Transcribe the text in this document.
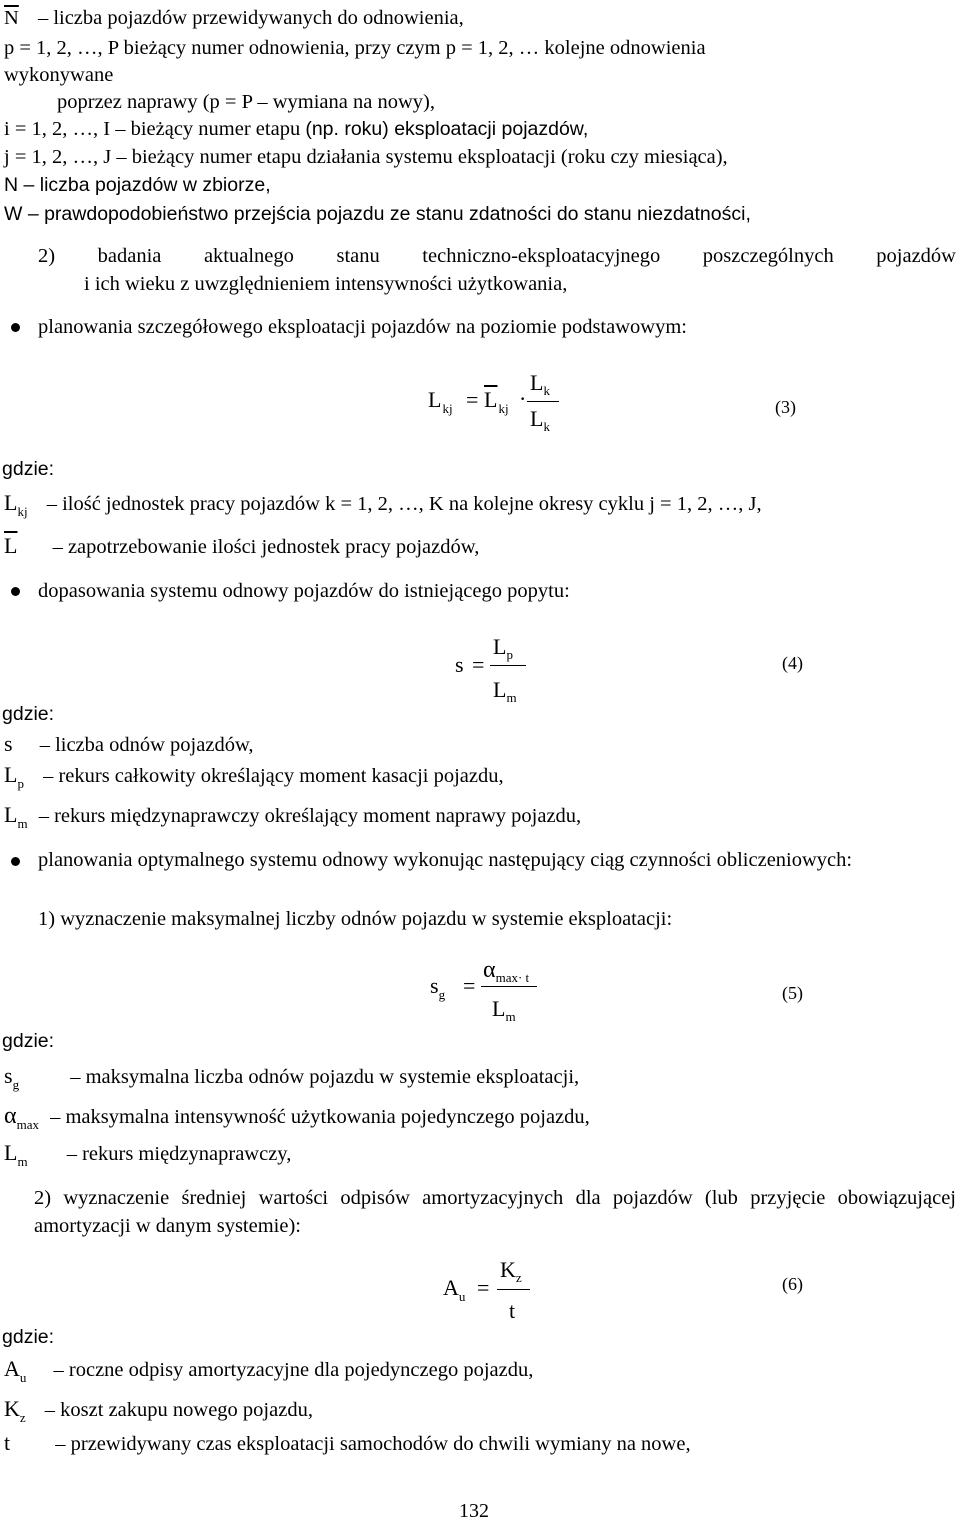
$\overline{N}$ – liczba pojazdów przewidywanych do odnowienia,
p = 1, 2, …, P bieżący numer odnowienia, przy czym p = 1, 2, … kolejne odnowienia
wykonywane
poprzez naprawy (p = P – wymiana na nowy),
i = 1, 2, …, I – bieżący numer etapu (np. roku) eksploatacji pojazdów,
j = 1, 2, …, J – bieżący numer etapu działania systemu eksploatacji (roku czy miesiąca),
N – liczba pojazdów w zbiorze,
W – prawdopodobieństwo przejścia pojazdu ze stanu zdatności do stanu niezdatności,
2) badania aktualnego stanu techniczno-eksploatacyjnego poszczególnych pojazdów
i ich wieku z uwzględnieniem intensywności użytkowania,
planowania szczegółowego eksploatacji pojazdów na poziomie podstawowym:
$L_{kj} = \overline{L}_{kj}$ ·
$L_k$
$L_k$
(3)
gdzie:
$L_{kj}$ – ilość jednostek pracy pojazdów k = 1, 2, …, K na kolejne okresy cyklu j = 1, 2, …, J,
$\overline{L}$ – zapotrzebowanie ilości jednostek pracy pojazdów,
dopasowania systemu odnowy pojazdów do istniejącego popytu:
s =
$L_p$
$L_m$
(4)
gdzie:
s – liczba odnów pojazdów,
$L_p$ – rekurs całkowity określający moment kasacji pojazdu,
$L_m$ – rekurs międzynaprawczy określający moment naprawy pojazdu,
planowania optymalnego systemu odnowy wykonując następujący ciąg czynności obliczeniowych:
1) wyznaczenie maksymalnej liczby odnów pojazdu w systemie eksploatacji:
$s_g$ =
$\alpha_{max\cdot t}$
$L_m$
(5)
gdzie:
$s_g$ – maksymalna liczba odnów pojazdu w systemie eksploatacji,
$\alpha_{max}$ – maksymalna intensywność użytkowania pojedynczego pojazdu,
$L_m$ – rekurs międzynaprawczy,
2) wyznaczenie średniej wartości odpisów amortyzacyjnych dla pojazdów (lub przyjęcie obowiązującej amortyzacji w danym systemie):
$A_u$ =
$K_z$
t
(6)
gdzie:
$A_u$ – roczne odpisy amortyzacyjne dla pojedynczego pojazdu,
$K_z$ – koszt zakupu nowego pojazdu,
t – przewidywany czas eksploatacji samochodów do chwili wymiany na nowe,
132
